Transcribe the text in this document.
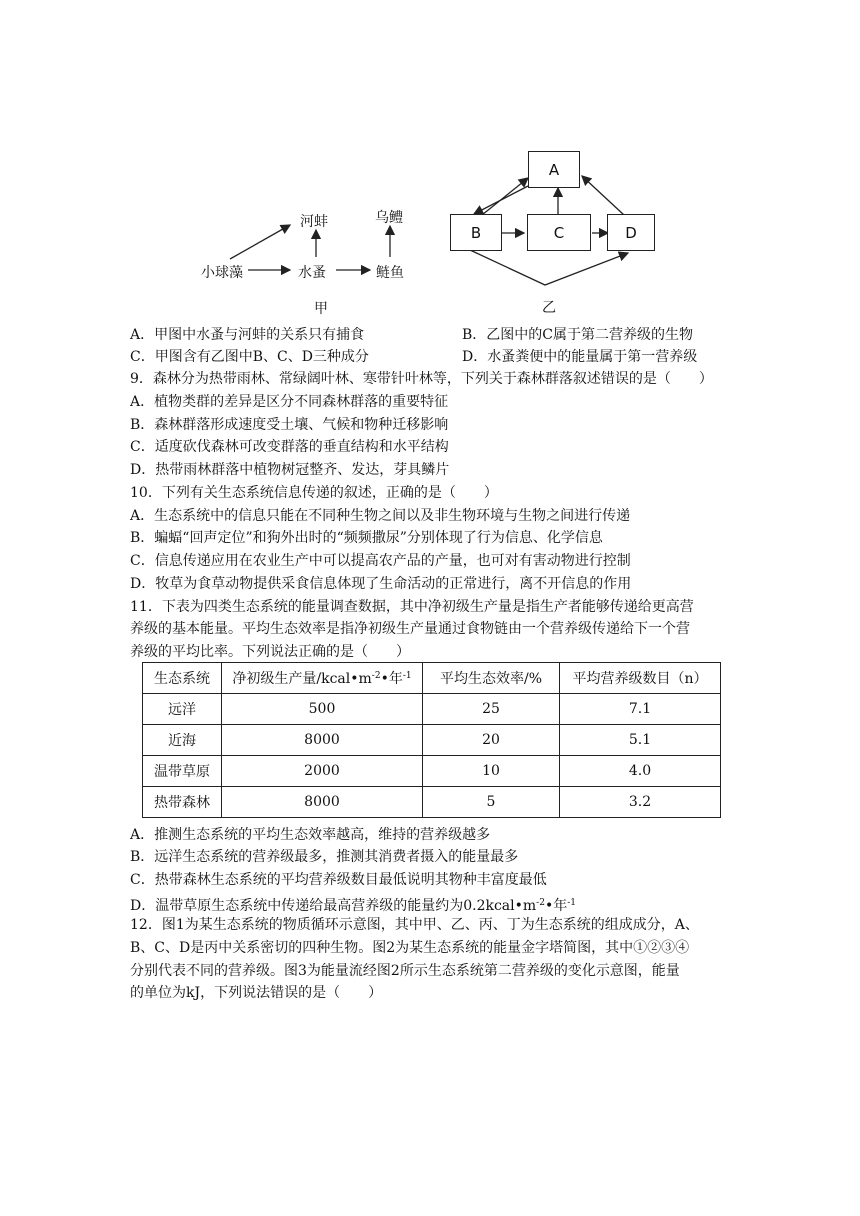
小球藻	水蚤
河蚌
鲢鱼
乌鳢
甲
A
B	C	D
乙
A．甲图中水蚤与河蚌的关系只有捕食	B．乙图中的C属于第二营养级的生物
C．甲图含有乙图中B、C、D三种成分	D．水蚤粪便中的能量属于第一营养级
9．森林分为热带雨林、常绿阔叶林、寒带针叶林等，下列关于森林群落叙述错误的是（　　）
A．植物类群的差异是区分不同森林群落的重要特征
B．森林群落形成速度受土壤、气候和物种迁移影响
C．适度砍伐森林可改变群落的垂直结构和水平结构
D．热带雨林群落中植物树冠整齐、发达，芽具鳞片
10．下列有关生态系统信息传递的叙述，正确的是（　　）
A．生态系统中的信息只能在不同种生物之间以及非生物环境与生物之间进行传递
B．蝙蝠“回声定位”和狗外出时的“频频撒尿”分别体现了行为信息、化学信息
C．信息传递应用在农业生产中可以提高农产品的产量，也可对有害动物进行控制
D．牧草为食草动物提供采食信息体现了生命活动的正常进行，离不开信息的作用
11．下表为四类生态系统的能量调查数据，其中净初级生产量是指生产者能够传递给更高营
养级的基本能量。平均生态效率是指净初级生产量通过食物链由一个营养级传递给下一个营
养级的平均比率。下列说法正确的是（　　）
生态系统	净初级生产量$/kcal•m^{-2}•$年$^{-1}$	平均生态效率/%	平均营养级数目（n）
远洋	500	25	7.1
近海	8000	20	5.1
温带草原	2000	10	4.0
热带森林	8000	5	3.2
A．推测生态系统的平均生态效率越高，维持的营养级越多
B．远洋生态系统的营养级最多，推测其消费者摄入的能量最多
C．热带森林生态系统的平均营养级数目最低说明其物种丰富度最低
D．温带草原生态系统中传递给最高营养级的能量约为$0.2kcal•m^{-2}•$年$^{-1}$
12．图1为某生态系统的物质循环示意图，其中甲、乙、丙、丁为生态系统的组成成分，A、
B、C、D是丙中关系密切的四种生物。图2为某生态系统的能量金字塔简图，其中①②③④
分别代表不同的营养级。图3为能量流经图2所示生态系统第二营养级的变化示意图，能量
的单位为kJ，下列说法错误的是（　　）
